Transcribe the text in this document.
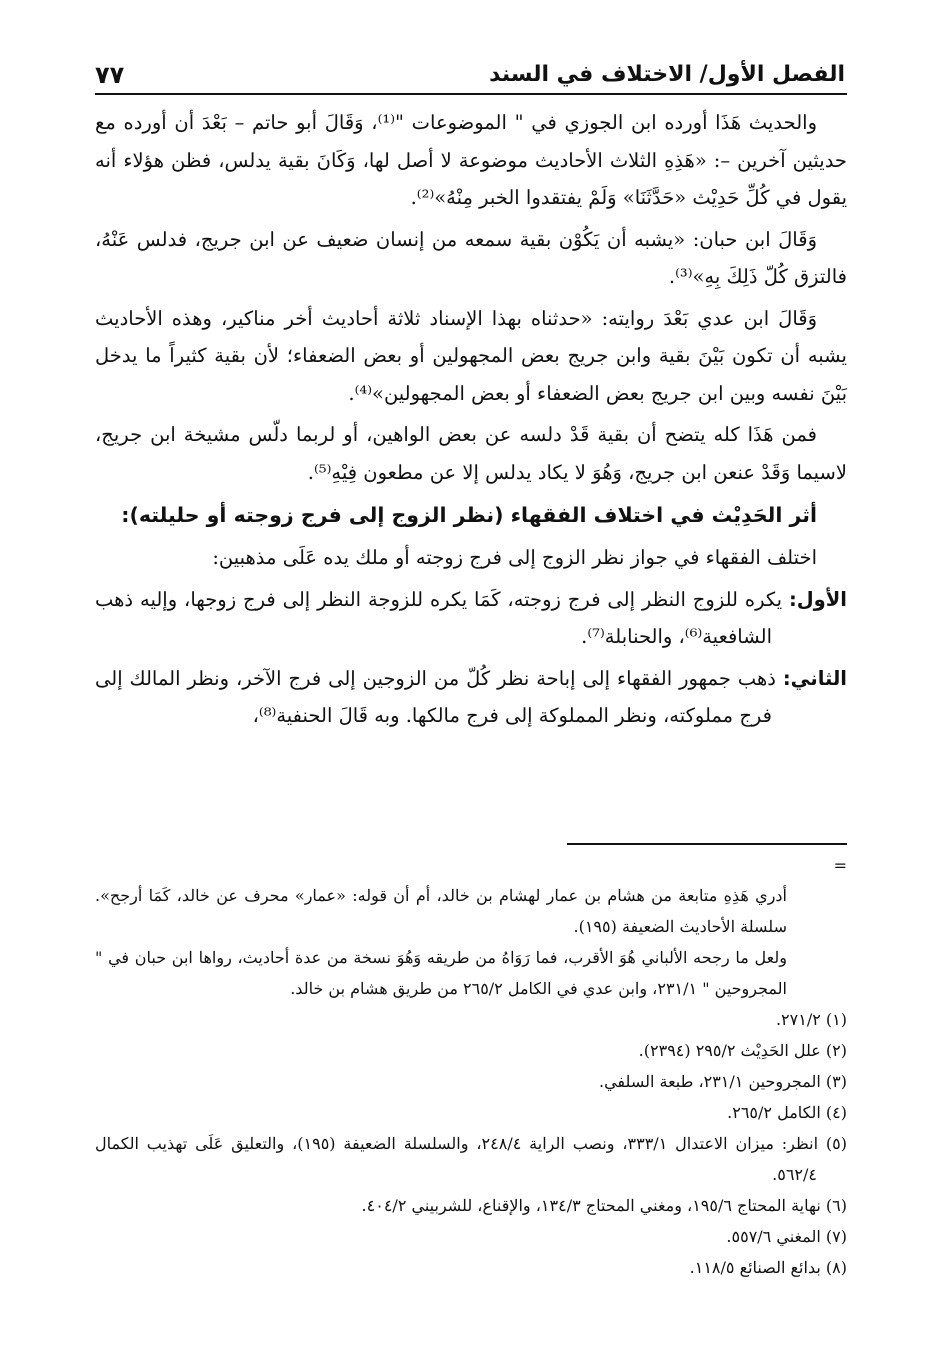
الفصل الأول/ الاختلاف في السند
٧٧

والحديث هَذَا أورده ابن الجوزي في " الموضوعات "⁽¹⁾، وَقَالَ أبو حاتم – بَعْدَ أن أورده مع حديثين آخرين –: «هَذِهِ الثلاث الأحاديث موضوعة لا أصل لها، وَكَانَ بقية يدلس، فظن هؤلاء أنه يقول في كُلِّ حَدِيْث «حَدَّثَنَا» وَلَمْ يفتقدوا الخبر مِنْهُ»⁽²⁾.

وَقَالَ ابن حبان: «يشبه أن يَكُوْن بقية سمعه من إنسان ضعيف عن ابن جريج، فدلس عَنْهُ، فالتزق كُلّ ذَلِكَ بِهِ»⁽³⁾.

وَقَالَ ابن عدي بَعْدَ روايته: «حدثناه بهذا الإسناد ثلاثة أحاديث أخر مناكير، وهذه الأحاديث يشبه أن تكون بَيْنَ بقية وابن جريج بعض المجهولين أو بعض الضعفاء؛ لأن بقية كثيراً ما يدخل بَيْنَ نفسه وبين ابن جريج بعض الضعفاء أو بعض المجهولين»⁽⁴⁾.

فمن هَذَا كله يتضح أن بقية قَدْ دلسه عن بعض الواهين، أو لربما دلّس مشيخة ابن جريج، لاسيما وَقَدْ عنعن ابن جريج، وَهُوَ لا يكاد يدلس إلا عن مطعون فِيْهِ⁽⁵⁾.

أثر الحَدِيْث في اختلاف الفقهاء (نظر الزوج إلى فرج زوجته أو حليلته):

اختلف الفقهاء في جواز نظر الزوج إلى فرج زوجته أو ملك يده عَلَى مذهبين:

الأول: يكره للزوج النظر إلى فرج زوجته، كَمَا يكره للزوجة النظر إلى فرج زوجها، وإليه ذهب الشافعية⁽⁶⁾، والحنابلة⁽⁷⁾.

الثاني: ذهب جمهور الفقهاء إلى إباحة نظر كُلّ من الزوجين إلى فرج الآخر، ونظر المالك إلى فرج مملوكته، ونظر المملوكة إلى فرج مالكها. وبه قَالَ الحنفية⁽⁸⁾،

=

أدري هَذِهِ متابعة من هشام بن عمار لهشام بن خالد، أم أن قوله: «عمار» محرف عن خالد، كَمَا أرجح». سلسلة الأحاديث الضعيفة (١٩٥).

ولعل ما رجحه الألباني هُوَ الأقرب، فما رَوَاهُ من طريقه وَهُوَ نسخة من عدة أحاديث، رواها ابن حبان في " المجروحين " ٢٣١/١، وابن عدي في الكامل ٢٦٥/٢ من طريق هشام بن خالد.

(١) ٢٧١/٢.

(٢) علل الحَدِيْث ٢٩٥/٢ (٢٣٩٤).

(٣) المجروحين ٢٣١/١، طبعة السلفي.

(٤) الكامل ٢٦٥/٢.

(٥) انظر: ميزان الاعتدال ٣٣٣/١، ونصب الراية ٢٤٨/٤، والسلسلة الضعيفة (١٩٥)، والتعليق عَلَى تهذيب الكمال ٥٦٢/٤.

(٦) نهاية المحتاج ١٩٥/٦، ومغني المحتاج ١٣٤/٣، والإقناع، للشربيني ٤٠٤/٢.

(٧) المغني ٥٥٧/٦.

(٨) بدائع الصنائع ١١٨/٥.
